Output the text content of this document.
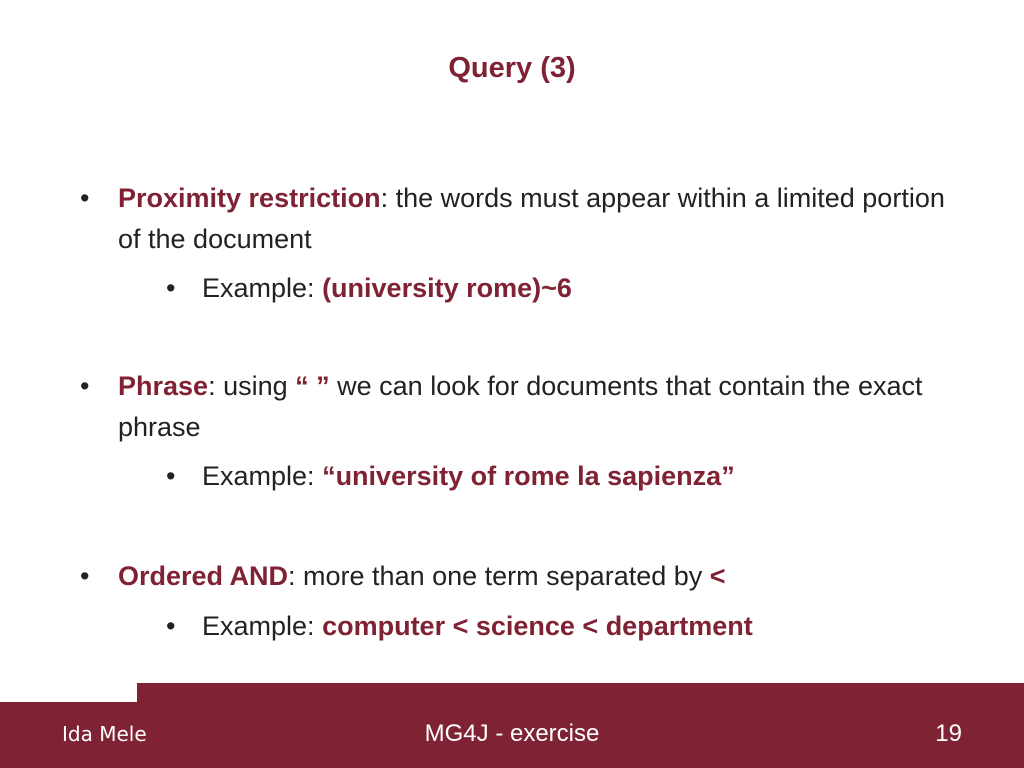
Query (3)
•	Proximity restriction: the words must appear within a limited portion of the document
• Example: (university rome)~6
•	Phrase: using “ ” we can look for documents that contain the exact phrase
• Example: “university of rome la sapienza”
•	Ordered AND: more than one term separated by <
• Example: computer < science < department
Ida Mele	MG4J - exercise	19
